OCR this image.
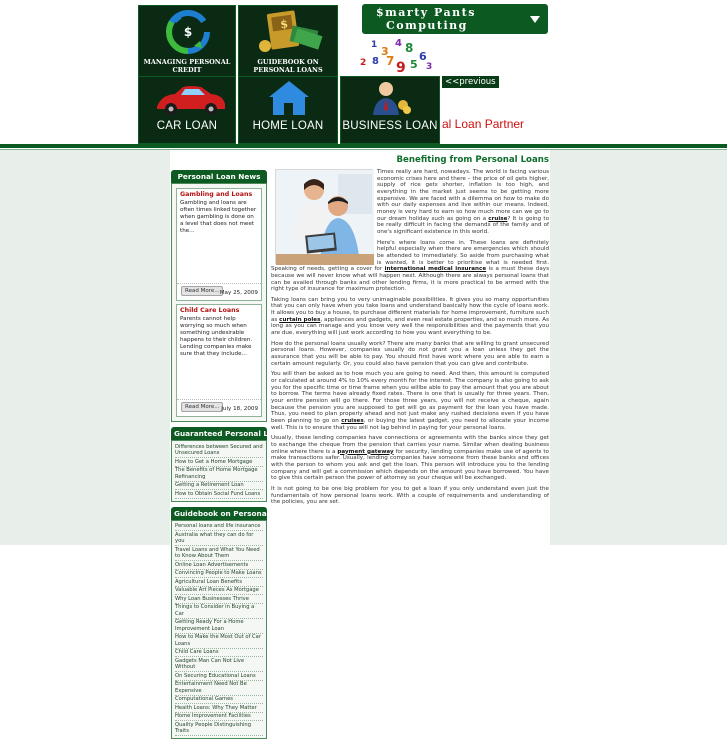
$
MANAGING PERSONAL CREDIT
$
GUIDEBOOK ON PERSONAL LOANS
CAR LOAN	HOME LOAN	BUSINESS LOAN
$marty Pants
Computing
1 3
4 8
6
2 8 7 9 5 3
<<previous
al Loan Partner
Personal Loan News
Gambling and Loans
Gambling and loans are often times linked together when gambling is done on a level that does not meet the...
Read More... May 25, 2009
Child Care Loans
Parents cannot help worrying so much when something undesirable happens to their children. Lending companies make sure that they include...
Read More... July 18, 2009
Guaranteed Personal Loans
Differences between Secured and Unsecured Loans
How to Get a Home Mortgage
The Benefits of Home Mortgage Refinancing
Getting a Retirement Loan
How to Obtain Social Fund Loans
Guidebook on Personal Loans
Personal loans and life insurance
Australia what they can do for you
Travel Loans and What You Need to Know About Them
Online Loan Advertisements
Convincing People to Make Loans
Agricultural Loan Benefits
Valuable Art Pieces As Mortgage
Why Loan Businesses Thrive
Things to Consider in Buying a Car
Getting Ready For a Home Improvement Loan
How to Make the Most Out of Car Loans
Child Care Loans
Gadgets Man Can Not Live Without
On Securing Educational Loans
Entertainment Need Not Be Expensive
Computational Games
Health Loans: Why They Matter
Home Improvement Facilities
Quality People Distinguishing Traits
Benefiting from Personal Loans

Times really are hard, nowadays. The world is facing various economic crises here and there – the price of oil gets higher, supply of rice gets shorter, inflation is too high, and everything in the market just seems to be getting more expensive. We are faced with a dilemma on how to make do with our daily expenses and live within our means. Indeed, money is very hard to earn so how much more can we go to our dream holiday such as going on a cruise? It is going to be really difficult in facing the demands of the family and of one's significant existence in this world.

Here's where loans come in. These loans are definitely helpful especially when there are emergencies which should be attended to immediately. So aside from purchasing what is wanted, it is better to prioritise what is needed first. Speaking of needs, getting a cover for international medical insurance is a must these days because we will never know what will happen next. Although there are always personal loans that can be availed through banks and other lending firms, it is more practical to be armed with the right type of insurance for maximum protection.

Taking loans can bring you to very unimaginable possibilities. It gives you so many opportunities that you can only have when you take loans and understand basically how the cycle of loans work. It allows you to buy a house, to purchase different materials for home improvement, furniture such as curtain poles, appliances and gadgets, and even real estate properties, and so much more. As long as you can manage and you know very well the responsibilities and the payments that you are due, everything will just work according to how you want everything to be.

How do the personal loans usually work? There are many banks that are willing to grant unsecured personal loans. However, companies usually do not grant you a loan unless they get the assurance that you will be able to pay. You should first have work where you are able to earn a certain amount regularly. Or, you could also have pension that you can give and contribute.

You will then be asked as to how much you are going to need. And then, this amount is computed or calculated at around 4% to 10% every month for the interest. The company is also going to ask you for the specific time or time frame when you willbe able to pay the amount that you are about to borrow. The terms have already fixed rates. There is one that is usually for three years. Then, your entire pension will go there. For those three years, you will not receive a cheque, again because the pension you are supposed to get will go as payment for the loan you have made. Thus, you need to plan properly ahead and not just make any rushed decisions even if you have been planning to go on cruises, or buying the latest gadget, you need to allocate your income well. This is to ensure that you will not lag behind in paying for your personal loans.

Usually, these lending companies have connections or agreements with the banks since they get to exchange the cheque from the pension that carries your name. Similar when dealing business online where there is a payment gateway for security, lending companies make use of agents to make transactions safer. Usually, lending companies have someone from these banks and offices with the person to whom you ask and get the loan. This person will introduce you to the lending company and will get a commission which depends on the amount you have borrowed. You have to give this certain person the power of attorney so your cheque will be exchanged.

It is not going to be one big problem for you to get a loan if you only understand even just the fundamentals of how personal loans work. With a couple of requirements and understanding of the policies, you are set.
